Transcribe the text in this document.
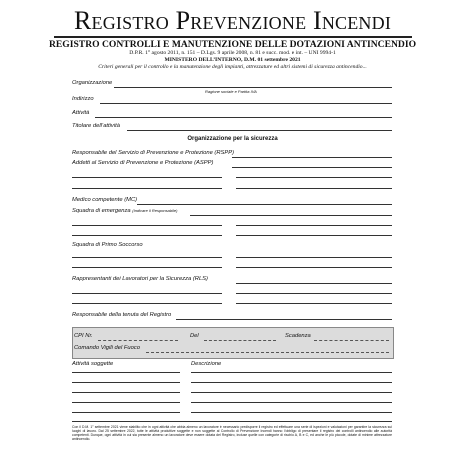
Registro Prevenzione Incendi
REGISTRO CONTROLLI E MANUTENZIONE DELLE DOTAZIONI ANTINCENDIO
D.P.R. 1° agosto 2011, n. 151 – D.Lgs. 9 aprile 2008, n. 81 e succ. mod. e int. – UNI 9994-1
MINISTERO DELL’INTERNO, D.M. 01 settembre 2021
Criteri generali per il controllo e la manutenzione degli impianti, attrezzature ed altri sistemi di sicurezza antincendio...
Organizzazione
Ragione sociale e Partita IVA
Indirizzo
Attività
Titolare dell’attività
Organizzazione per la sicurezza
Responsabile del Servizio di Prevenzione e Protezione (RSPP)
Addetti al Servizio di Prevenzione e Protezione (ASPP)
Medico competente (MC)
Squadra di emergenza (Indicare il Responsabile)
Squadra di Primo Soccorso
Rappresentanti dei Lavoratori per la Sicurezza (RLS)
Responsabile della tenuta del Registro
CPI Nr.	Del	Scadenza
Comando Vigili del Fuoco
Attività soggette	Descrizione
Con il D.M. 1° settembre 2021 viene stabilito che in ogni attività che abbia almeno un lavoratore è necessario predisporre il registro ed effettuare una serie di ispezioni e valutazioni per garantire la sicurezza sui luoghi di lavoro. Dal 25 settembre 2022, tutte le attività produttive soggette e non soggette al Controllo di Prevenzione Incendi hanno l’obbligo di presentare il registro dei controlli antincendio alle autorità competenti. Dunque, ogni attività in cui sia presente almeno un lavoratore deve essere dotata del Registro, incluse quelle con categorie di rischio A, B e C, ed anche le più piccole, dotate di minime attrezzature antincendio.
